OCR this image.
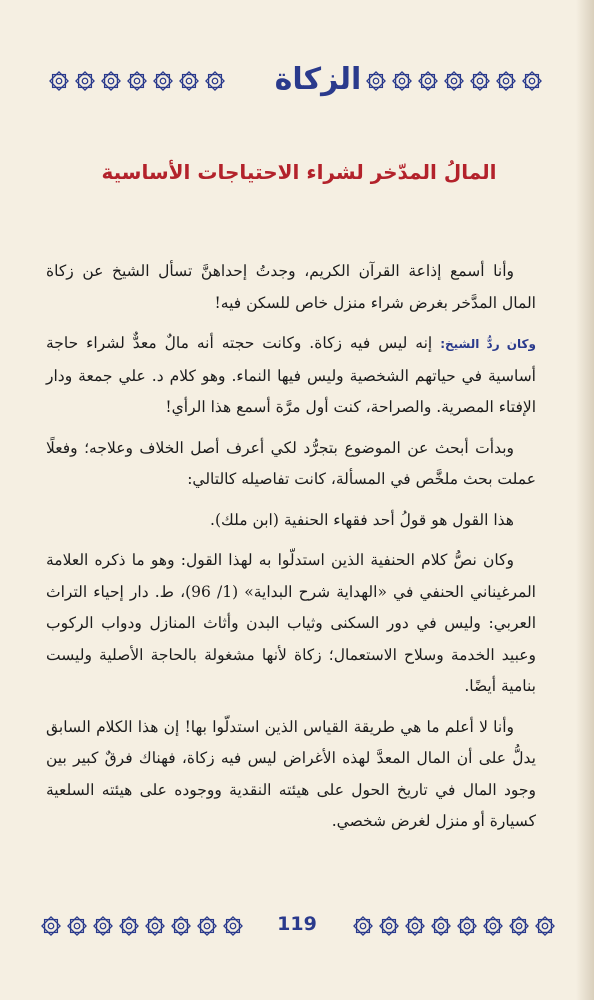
الزكاة
المالُ المدّخر لشراء الاحتياجات الأساسية

وأنا أسمع إذاعة القرآن الكريم، وجدتُ إحداهنَّ تسأل الشيخ عن زكاة المال المدَّخر بغرض شراء منزل خاص للسكن فيه!

وكان ردُّ الشيخ: إنه ليس فيه زكاة. وكانت حجته أنه مالٌ معدٌّ لشراء حاجة أساسية في حياتهم الشخصية وليس فيها النماء. وهو كلام د. علي جمعة ودار الإفتاء المصرية. والصراحة، كنت أول مرَّة أسمع هذا الرأي!

وبدأت أبحث عن الموضوع بتجرُّد لكي أعرف أصل الخلاف وعلاجه؛ وفعلًا عملت بحث ملخَّص في المسألة، كانت تفاصيله كالتالي:

هذا القول هو قولُ أحد فقهاء الحنفية (ابن ملك).

وكان نصُّ كلام الحنفية الذين استدلّوا به لهذا القول: وهو ما ذكره العلامة المرغيناني الحنفي في «الهداية شرح البداية» (1/ 96)، ط. دار إحياء التراث العربي: وليس في دور السكنى وثياب البدن وأثاث المنازل ودواب الركوب وعبيد الخدمة وسلاح الاستعمال؛ زكاة لأنها مشغولة بالحاجة الأصلية وليست بنامية أيضًا.

وأنا لا أعلم ما هي طريقة القياس الذين استدلّوا بها! إن هذا الكلام السابق يدلُّ على أن المال المعدَّ لهذه الأغراض ليس فيه زكاة، فهناك فرقٌ كبير بين وجود المال في تاريخ الحول على هيئته النقدية ووجوده على هيئته السلعية كسيارة أو منزل لغرض شخصي.

119
